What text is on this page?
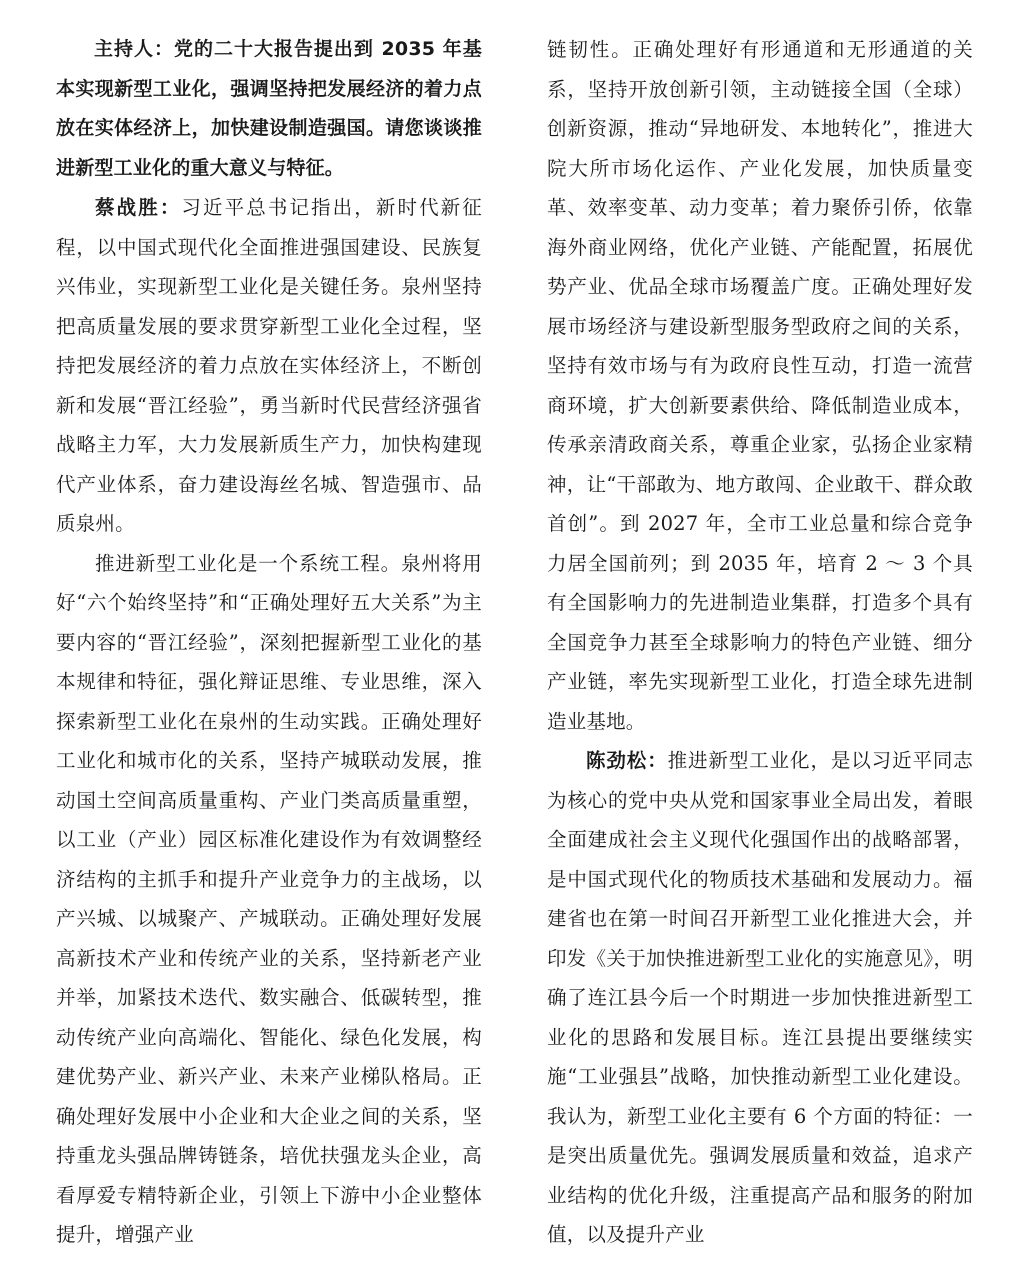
主持人：党的二十大报告提出到 2035 年基本实现新型工业化，强调坚持把发展经济的着力点放在实体经济上，加快建设制造强国。请您谈谈推进新型工业化的重大意义与特征。

蔡战胜：习近平总书记指出，新时代新征程，以中国式现代化全面推进强国建设、民族复兴伟业，实现新型工业化是关键任务。泉州坚持把高质量发展的要求贯穿新型工业化全过程，坚持把发展经济的着力点放在实体经济上，不断创新和发展“晋江经验”，勇当新时代民营经济强省战略主力军，大力发展新质生产力，加快构建现代产业体系，奋力建设海丝名城、智造强市、品质泉州。

推进新型工业化是一个系统工程。泉州将用好“六个始终坚持”和“正确处理好五大关系”为主要内容的“晋江经验”，深刻把握新型工业化的基本规律和特征，强化辩证思维、专业思维，深入探索新型工业化在泉州的生动实践。正确处理好工业化和城市化的关系，坚持产城联动发展，推动国土空间高质量重构、产业门类高质量重塑，以工业（产业）园区标准化建设作为有效调整经济结构的主抓手和提升产业竞争力的主战场，以产兴城、以城聚产、产城联动。正确处理好发展高新技术产业和传统产业的关系，坚持新老产业并举，加紧技术迭代、数实融合、低碳转型，推动传统产业向高端化、智能化、绿色化发展，构建优势产业、新兴产业、未来产业梯队格局。正确处理好发展中小企业和大企业之间的关系，坚持重龙头强品牌铸链条，培优扶强龙头企业，高看厚爱专精特新企业，引领上下游中小企业整体提升，增强产业

链韧性。正确处理好有形通道和无形通道的关系，坚持开放创新引领，主动链接全国（全球）创新资源，推动“异地研发、本地转化”，推进大院大所市场化运作、产业化发展，加快质量变革、效率变革、动力变革；着力聚侨引侨，依靠海外商业网络，优化产业链、产能配置，拓展优势产业、优品全球市场覆盖广度。正确处理好发展市场经济与建设新型服务型政府之间的关系，坚持有效市场与有为政府良性互动，打造一流营商环境，扩大创新要素供给、降低制造业成本，传承亲清政商关系，尊重企业家，弘扬企业家精神，让“干部敢为、地方敢闯、企业敢干、群众敢首创”。到 2027 年，全市工业总量和综合竞争力居全国前列；到 2035 年，培育 2 ～ 3 个具有全国影响力的先进制造业集群，打造多个具有全国竞争力甚至全球影响力的特色产业链、细分产业链，率先实现新型工业化，打造全球先进制造业基地。

陈劲松：推进新型工业化，是以习近平同志为核心的党中央从党和国家事业全局出发，着眼全面建成社会主义现代化强国作出的战略部署，是中国式现代化的物质技术基础和发展动力。福建省也在第一时间召开新型工业化推进大会，并印发《关于加快推进新型工业化的实施意见》，明确了连江县今后一个时期进一步加快推进新型工业化的思路和发展目标。连江县提出要继续实施“工业强县”战略，加快推动新型工业化建设。我认为，新型工业化主要有 6 个方面的特征：一是突出质量优先。强调发展质量和效益，追求产业结构的优化升级，注重提高产品和服务的附加值，以及提升产业
